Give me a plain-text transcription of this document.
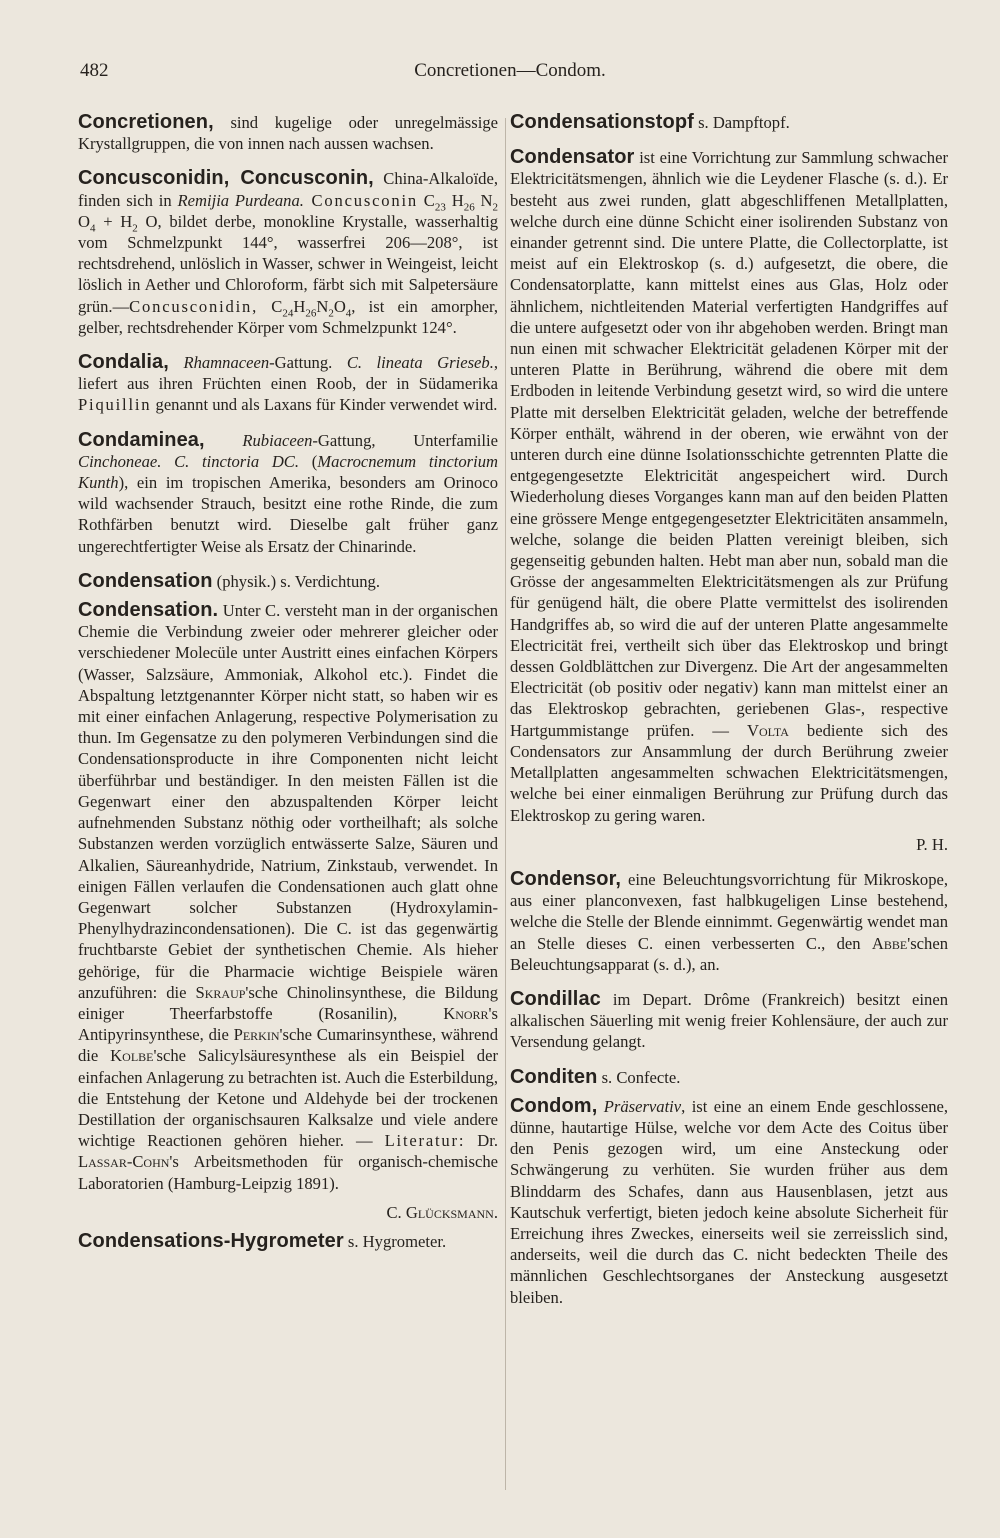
482	Concretionen—Condom.

Concretionen, sind kugelige oder unregelmässige Krystallgruppen, die von innen nach aussen wachsen.

Concusconidin, Concusconin, China-Alkaloïde, finden sich in Remijia Purdeana. Concusconin $C_{23}$ $H_{26}$ $N_2$ $O_4 + H_2$ O, bildet derbe, monokline Krystalle, wasserhaltig vom Schmelzpunkt 144°, wasserfrei 206—208°, ist rechtsdrehend, unlöslich in Wasser, schwer in Weingeist, leicht löslich in Aether und Chloroform, färbt sich mit Salpetersäure grün.—Concusconidin, $C_{24}H_{26}N_2O_4$, ist ein amorpher, gelber, rechtsdrehender Körper vom Schmelzpunkt 124°.

Condalia, Rhamnaceen-Gattung. C. lineata Grieseb., liefert aus ihren Früchten einen Roob, der in Südamerika Piquillin genannt und als Laxans für Kinder verwendet wird.

Condaminea, Rubiaceen-Gattung, Unterfamilie Cinchoneae. C. tinctoria DC. (Macrocnemum tinctorium Kunth), ein im tropischen Amerika, besonders am Orinoco wild wachsender Strauch, besitzt eine rothe Rinde, die zum Rothfärben benutzt wird. Dieselbe galt früher ganz ungerechtfertigter Weise als Ersatz der Chinarinde.

Condensation (physik.) s. Verdichtung.

Condensation. Unter C. versteht man in der organischen Chemie die Verbindung zweier oder mehrerer gleicher oder verschiedener Molecüle unter Austritt eines einfachen Körpers (Wasser, Salzsäure, Ammoniak, Alkohol etc.). Findet die Abspaltung letztgenannter Körper nicht statt, so haben wir es mit einer einfachen Anlagerung, respective Polymerisation zu thun. Im Gegensatze zu den polymeren Verbindungen sind die Condensationsproducte in ihre Componenten nicht leicht überführbar und beständiger. In den meisten Fällen ist die Gegenwart einer den abzuspaltenden Körper leicht aufnehmenden Substanz nöthig oder vortheilhaft; als solche Substanzen werden vorzüglich entwässerte Salze, Säuren und Alkalien, Säureanhydride, Natrium, Zinkstaub, verwendet. In einigen Fällen verlaufen die Condensationen auch glatt ohne Gegenwart solcher Substanzen (Hydroxylamin-Phenylhydrazincondensationen). Die C. ist das gegenwärtig fruchtbarste Gebiet der synthetischen Chemie. Als hieher gehörige, für die Pharmacie wichtige Beispiele wären anzuführen: die Skraup'sche Chinolinsynthese, die Bildung einiger Theerfarbstoffe (Rosanilin), Knorr's Antipyrinsynthese, die Perkin'sche Cumarinsynthese, während die Kolbe'sche Salicylsäuresynthese als ein Beispiel der einfachen Anlagerung zu betrachten ist. Auch die Esterbildung, die Entstehung der Ketone und Aldehyde bei der trockenen Destillation der organischsauren Kalksalze und viele andere wichtige Reactionen gehören hieher. — Literatur: Dr. Lassar-Cohn's Arbeitsmethoden für organisch-chemische Laboratorien (Hamburg-Leipzig 1891).

C. Glücksmann.

Condensations-Hygrometer s. Hygrometer.

Condensationstopf s. Dampftopf.

Condensator ist eine Vorrichtung zur Sammlung schwacher Elektricitätsmengen, ähnlich wie die Leydener Flasche (s. d.). Er besteht aus zwei runden, glatt abgeschliffenen Metallplatten, welche durch eine dünne Schicht einer isolirenden Substanz von einander getrennt sind. Die untere Platte, die Collectorplatte, ist meist auf ein Elektroskop (s. d.) aufgesetzt, die obere, die Condensatorplatte, kann mittelst eines aus Glas, Holz oder ähnlichem, nichtleitenden Material verfertigten Handgriffes auf die untere aufgesetzt oder von ihr abgehoben werden. Bringt man nun einen mit schwacher Elektricität geladenen Körper mit der unteren Platte in Berührung, während die obere mit dem Erdboden in leitende Verbindung gesetzt wird, so wird die untere Platte mit derselben Elektricität geladen, welche der betreffende Körper enthält, während in der oberen, wie erwähnt von der unteren durch eine dünne Isolationsschichte getrennten Platte die entgegengesetzte Elektricität angespeichert wird. Durch Wiederholung dieses Vorganges kann man auf den beiden Platten eine grössere Menge entgegengesetzter Elektricitäten ansammeln, welche, solange die beiden Platten vereinigt bleiben, sich gegenseitig gebunden halten. Hebt man aber nun, sobald man die Grösse der angesammelten Elektricitätsmengen als zur Prüfung für genügend hält, die obere Platte vermittelst des isolirenden Handgriffes ab, so wird die auf der unteren Platte angesammelte Electricität frei, vertheilt sich über das Elektroskop und bringt dessen Goldblättchen zur Divergenz. Die Art der angesammelten Electricität (ob positiv oder negativ) kann man mittelst einer an das Elektroskop gebrachten, geriebenen Glas-, respective Hartgummistange prüfen. — Volta bediente sich des Condensators zur Ansammlung der durch Berührung zweier Metallplatten angesammelten schwachen Elektricitätsmengen, welche bei einer einmaligen Berührung zur Prüfung durch das Elektroskop zu gering waren.

P. H.

Condensor, eine Beleuchtungsvorrichtung für Mikroskope, aus einer planconvexen, fast halbkugeligen Linse bestehend, welche die Stelle der Blende einnimmt. Gegenwärtig wendet man an Stelle dieses C. einen verbesserten C., den Abbe'schen Beleuchtungsapparat (s. d.), an.

Condillac im Depart. Drôme (Frankreich) besitzt einen alkalischen Säuerling mit wenig freier Kohlensäure, der auch zur Versendung gelangt.

Conditen s. Confecte.

Condom, Präservativ, ist eine an einem Ende geschlossene, dünne, hautartige Hülse, welche vor dem Acte des Coitus über den Penis gezogen wird, um eine Ansteckung oder Schwängerung zu verhüten. Sie wurden früher aus dem Blinddarm des Schafes, dann aus Hausenblasen, jetzt aus Kautschuk verfertigt, bieten jedoch keine absolute Sicherheit für Erreichung ihres Zweckes, einerseits weil sie zerreisslich sind, anderseits, weil die durch das C. nicht bedeckten Theile des männlichen Geschlechtsorganes der Ansteckung ausgesetzt bleiben.
